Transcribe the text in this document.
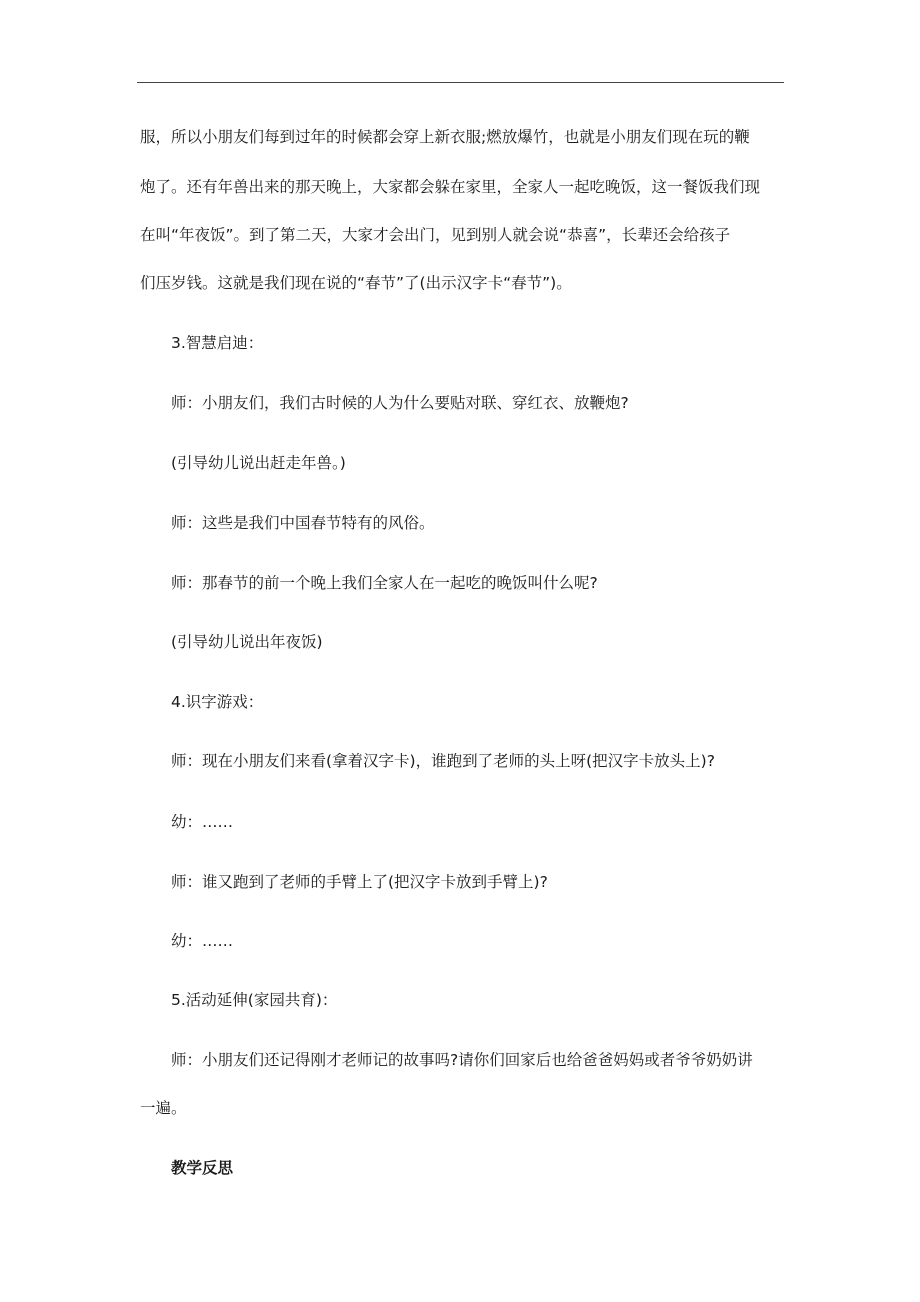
服，所以小朋友们每到过年的时候都会穿上新衣服;燃放爆竹，也就是小朋友们现在玩的鞭
炮了。还有年兽出来的那天晚上，大家都会躲在家里，全家人一起吃晚饭，这一餐饭我们现
在叫“年夜饭”。到了第二天，大家才会出门，见到别人就会说“恭喜”，长辈还会给孩子
们压岁钱。这就是我们现在说的“春节”了(出示汉字卡“春节”)。
3.智慧启迪：
师：小朋友们，我们古时候的人为什么要贴对联、穿红衣、放鞭炮?
(引导幼儿说出赶走年兽。)
师：这些是我们中国春节特有的风俗。
师：那春节的前一个晚上我们全家人在一起吃的晚饭叫什么呢?
(引导幼儿说出年夜饭)
4.识字游戏：
师：现在小朋友们来看(拿着汉字卡)，谁跑到了老师的头上呀(把汉字卡放头上)?
幼：……
师：谁又跑到了老师的手臂上了(把汉字卡放到手臂上)?
幼：……
5.活动延伸(家园共育)：
师：小朋友们还记得刚才老师记的故事吗?请你们回家后也给爸爸妈妈或者爷爷奶奶讲
一遍。
教学反思
